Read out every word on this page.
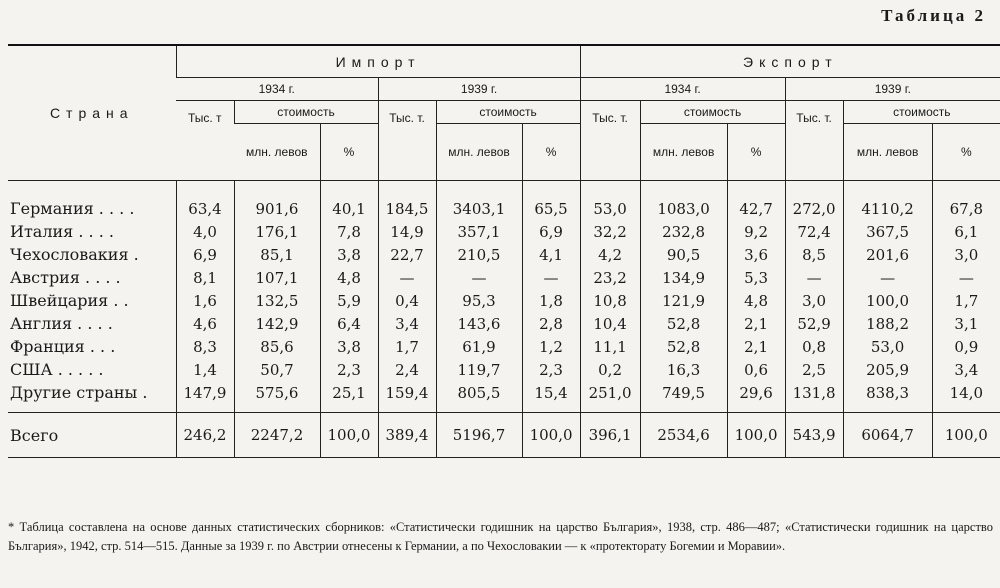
Таблица 2
Страна	Импорт						Экспорт					
	1934 г.			1939 г.			1934 г.			1939 г.		
	Тыс. т	стоимость		Тыс. т.	стоимость		Тыс. т.	стоимость		Тыс. т.	стоимость	
		млн. левов	%		млн. левов	%		млн. левов	%		млн. левов	%
Германия . . . .	63,4	901,6	40,1	184,5	3403,1	65,5	53,0	1083,0	42,7	272,0	4110,2	67,8
Италия . . . .	4,0	176,1	7,8	14,9	357,1	6,9	32,2	232,8	9,2	72,4	367,5	6,1
Чехословакия .	6,9	85,1	3,8	22,7	210,5	4,1	4,2	90,5	3,6	8,5	201,6	3,0
Австрия . . . .	8,1	107,1	4,8	—	—	—	23,2	134,9	5,3	—	—	—
Швейцария . .	1,6	132,5	5,9	0,4	95,3	1,8	10,8	121,9	4,8	3,0	100,0	1,7
Англия . . . .	4,6	142,9	6,4	3,4	143,6	2,8	10,4	52,8	2,1	52,9	188,2	3,1
Франция . . .	8,3	85,6	3,8	1,7	61,9	1,2	11,1	52,8	2,1	0,8	53,0	0,9
США . . . . .	1,4	50,7	2,3	2,4	119,7	2,3	0,2	16,3	0,6	2,5	205,9	3,4
Другие страны .	147,9	575,6	25,1	159,4	805,5	15,4	251,0	749,5	29,6	131,8	838,3	14,0
Всего	246,2	2247,2	100,0	389,4	5196,7	100,0	396,1	2534,6	100,0	543,9	6064,7	100,0

* Таблица составлена на основе данных статистических сборников: «Статистически годишник на царство България», 1938, стр. 486—487; «Статистически годишник на царство България», 1942, стр. 514—515. Данные за 1939 г. по Австрии отнесены к Германии, а по Чехословакии — к «протекторату Богемии и Моравии».
